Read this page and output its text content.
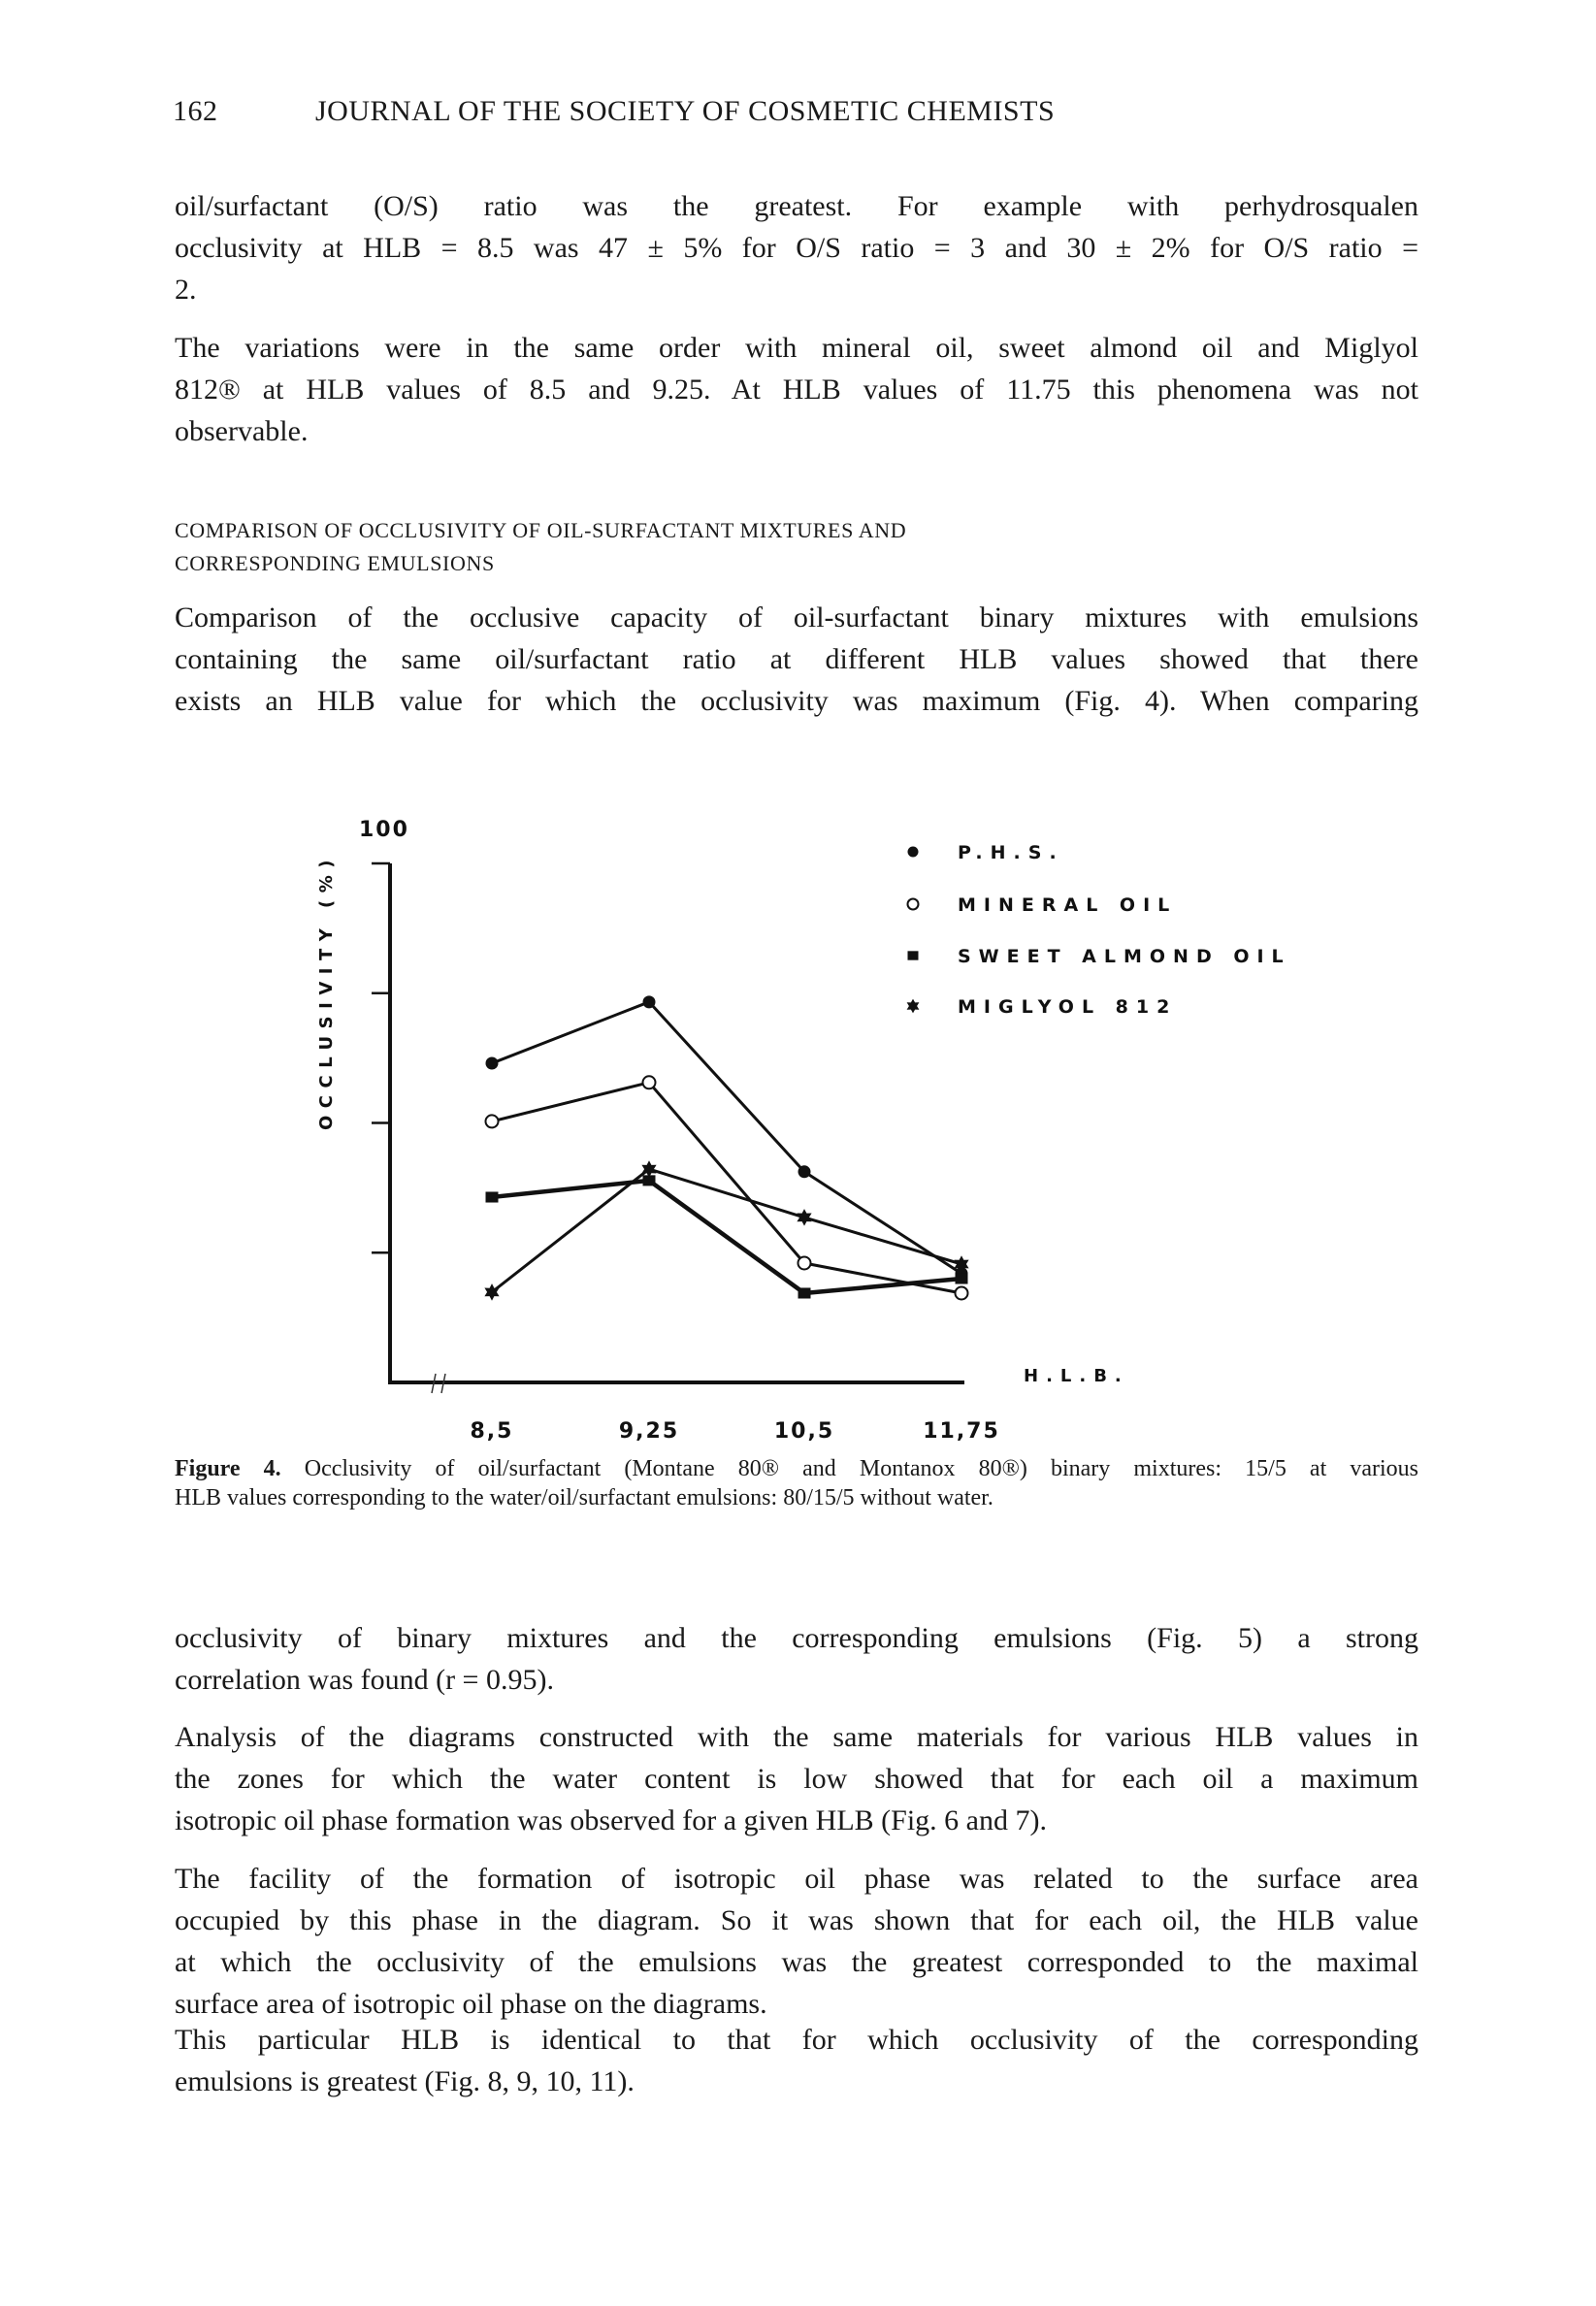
162	JOURNAL OF THE SOCIETY OF COSMETIC CHEMISTS
oil/surfactant (O/S) ratio was the greatest. For example with perhydrosqualen
occlusivity at HLB = 8.5 was 47 ± 5% for O/S ratio = 3 and 30 ± 2% for O/S ratio =
2.
The variations were in the same order with mineral oil, sweet almond oil and Miglyol
812® at HLB values of 8.5 and 9.25. At HLB values of 11.75 this phenomena was not
observable.
COMPARISON OF OCCLUSIVITY OF OIL-SURFACTANT MIXTURES AND
CORRESPONDING EMULSIONS
Comparison of the occlusive capacity of oil-surfactant binary mixtures with emulsions
containing the same oil/surfactant ratio at different HLB values showed that there
exists an HLB value for which the occlusivity was maximum (Fig. 4). When comparing
P.H.S.
MINERAL OIL
SWEET ALMOND OIL
MIGLYOL 812
8,5	9,25	10,5	11,75
H.L.B.
100
OCCLUSIVITY (%)
Figure 4. Occlusivity of oil/surfactant (Montane 80® and Montanox 80®) binary mixtures: 15/5 at various
HLB values corresponding to the water/oil/surfactant emulsions: 80/15/5 without water.
occlusivity of binary mixtures and the corresponding emulsions (Fig. 5) a strong
correlation was found (r = 0.95).
Analysis of the diagrams constructed with the same materials for various HLB values in
the zones for which the water content is low showed that for each oil a maximum
isotropic oil phase formation was observed for a given HLB (Fig. 6 and 7).
The facility of the formation of isotropic oil phase was related to the surface area
occupied by this phase in the diagram. So it was shown that for each oil, the HLB value
at which the occlusivity of the emulsions was the greatest corresponded to the maximal
surface area of isotropic oil phase on the diagrams.
This particular HLB is identical to that for which occlusivity of the corresponding
emulsions is greatest (Fig. 8, 9, 10, 11).
